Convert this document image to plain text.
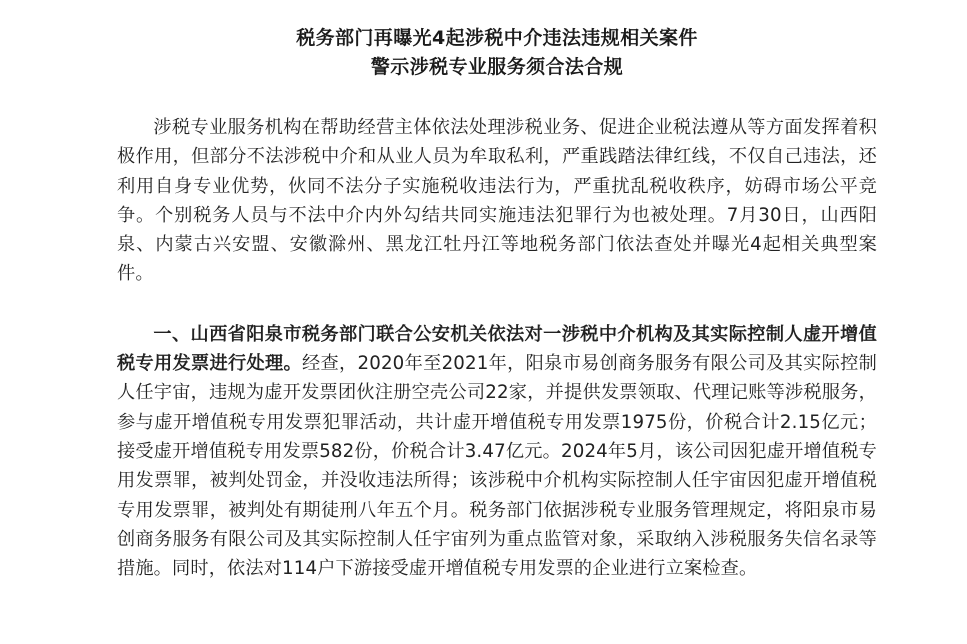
税务部门再曝光4起涉税中介违法违规相关案件
警示涉税专业服务须合法合规

涉税专业服务机构在帮助经营主体依法处理涉税业务、促进企业税法遵从等方面发挥着积极作用，但部分不法涉税中介和从业人员为牟取私利，严重践踏法律红线，不仅自己违法，还利用自身专业优势，伙同不法分子实施税收违法行为，严重扰乱税收秩序，妨碍市场公平竞争。个别税务人员与不法中介内外勾结共同实施违法犯罪行为也被处理。7月30日，山西阳泉、内蒙古兴安盟、安徽滁州、黑龙江牡丹江等地税务部门依法查处并曝光4起相关典型案件。

一、山西省阳泉市税务部门联合公安机关依法对一涉税中介机构及其实际控制人虚开增值税专用发票进行处理。经查，2020年至2021年，阳泉市易创商务服务有限公司及其实际控制人任宇宙，违规为虚开发票团伙注册空壳公司22家，并提供发票领取、代理记账等涉税服务，参与虚开增值税专用发票犯罪活动，共计虚开增值税专用发票1975份，价税合计2.15亿元；接受虚开增值税专用发票582份，价税合计3.47亿元。2024年5月，该公司因犯虚开增值税专用发票罪，被判处罚金，并没收违法所得；该涉税中介机构实际控制人任宇宙因犯虚开增值税专用发票罪，被判处有期徒刑八年五个月。税务部门依据涉税专业服务管理规定，将阳泉市易创商务服务有限公司及其实际控制人任宇宙列为重点监管对象，采取纳入涉税服务失信名录等措施。同时，依法对114户下游接受虚开增值税专用发票的企业进行立案检查。
